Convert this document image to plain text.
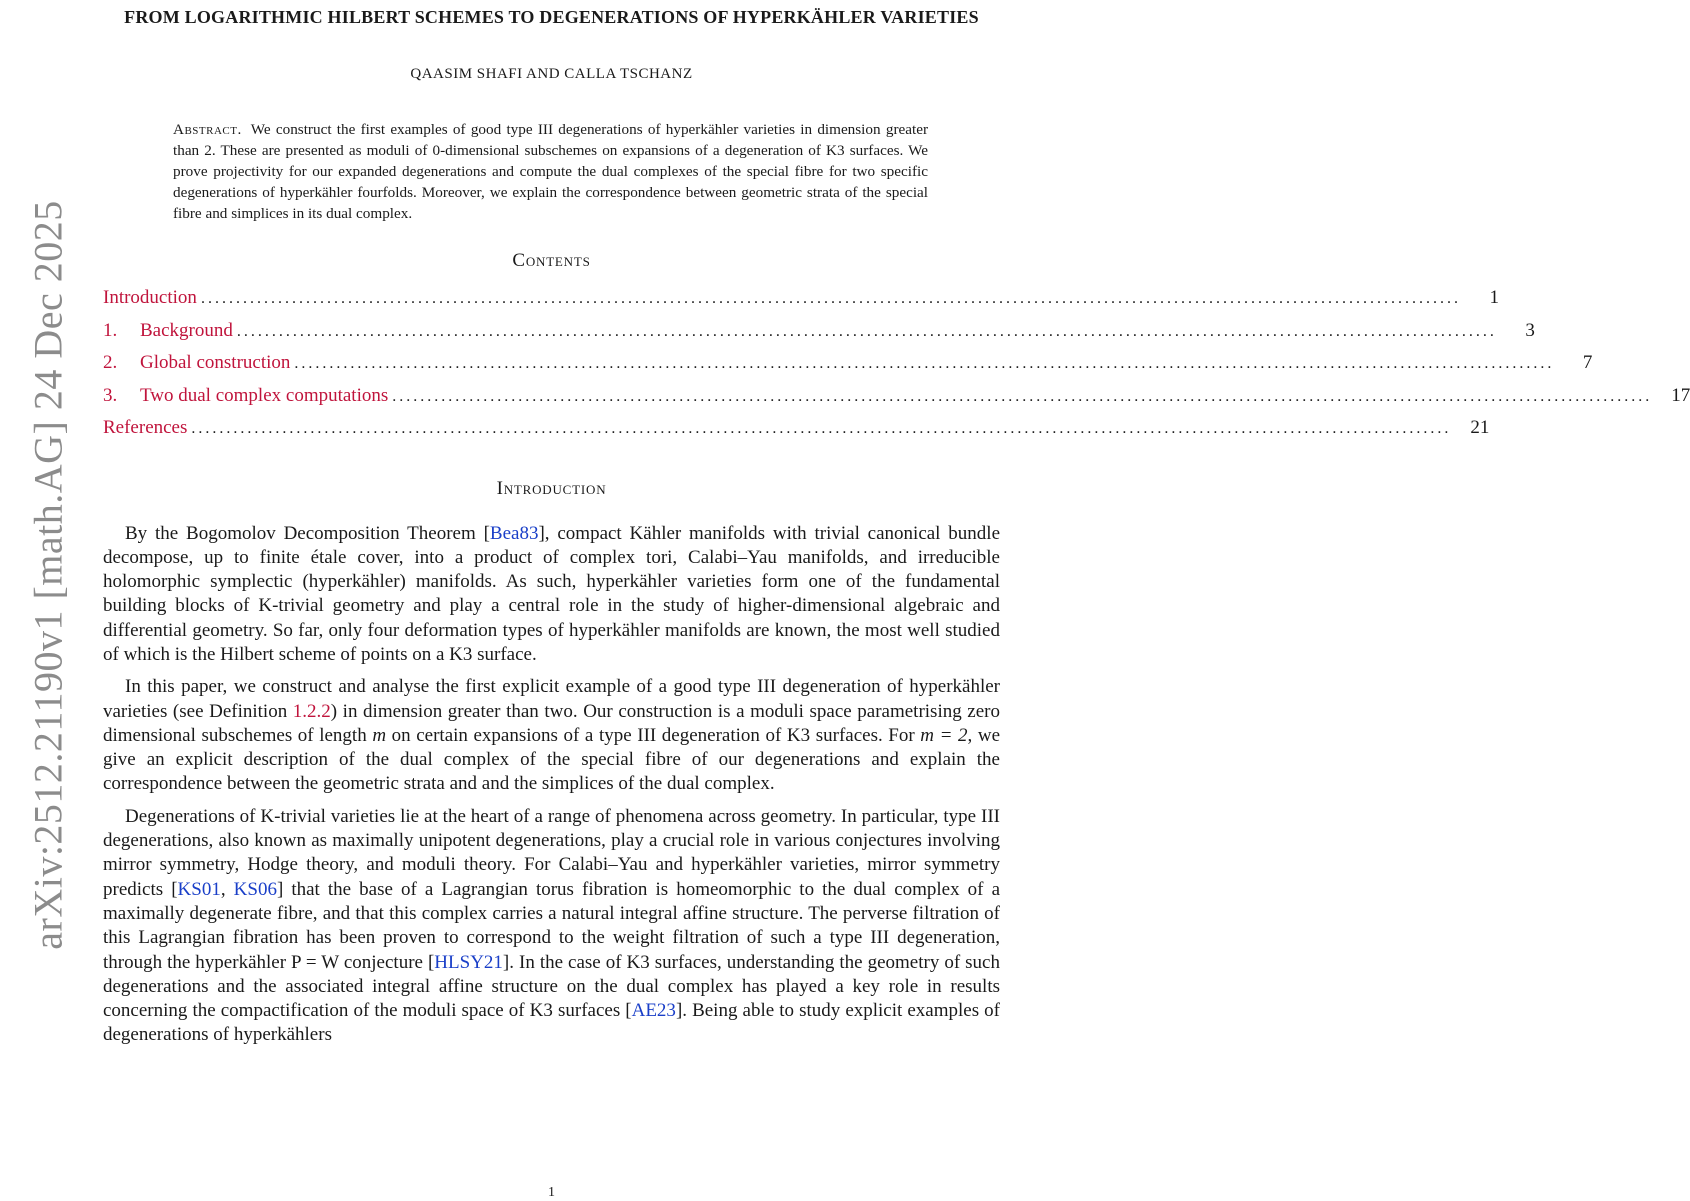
arXiv:2512.21190v1 [math.AG] 24 Dec 2025
FROM LOGARITHMIC HILBERT SCHEMES TO DEGENERATIONS OF HYPERKÄHLER VARIETIES
QAASIM SHAFI AND CALLA TSCHANZ
Abstract. We construct the first examples of good type III degenerations of hyperkähler varieties in dimension greater than 2. These are presented as moduli of 0-dimensional subschemes on expansions of a degeneration of K3 surfaces. We prove projectivity for our expanded degenerations and compute the dual complexes of the special fibre for two specific degenerations of hyperkähler fourfolds. Moreover, we explain the correspondence between geometric strata of the special fibre and simplices in its dual complex.
Contents
Introduction ....................................................................................................................................................................................	1
1.	Background ....................................................................................................................................................................................	3
2.	Global construction ....................................................................................................................................................................................	7
3.	Two dual complex computations ....................................................................................................................................................................................	17
References ....................................................................................................................................................................................	21
Introduction

By the Bogomolov Decomposition Theorem [Bea83], compact Kähler manifolds with trivial canonical bundle decompose, up to finite étale cover, into a product of complex tori, Calabi–Yau manifolds, and irreducible holomorphic symplectic (hyperkähler) manifolds. As such, hyperkähler varieties form one of the fundamental building blocks of K-trivial geometry and play a central role in the study of higher-dimensional algebraic and differential geometry. So far, only four deformation types of hyperkähler manifolds are known, the most well studied of which is the Hilbert scheme of points on a K3 surface.

In this paper, we construct and analyse the first explicit example of a good type III degeneration of hyperkähler varieties (see Definition 1.2.2) in dimension greater than two. Our construction is a moduli space parametrising zero dimensional subschemes of length m on certain expansions of a type III degeneration of K3 surfaces. For m = 2, we give an explicit description of the dual complex of the special fibre of our degenerations and explain the correspondence between the geometric strata and and the simplices of the dual complex.

Degenerations of K-trivial varieties lie at the heart of a range of phenomena across geometry. In particular, type III degenerations, also known as maximally unipotent degenerations, play a crucial role in various conjectures involving mirror symmetry, Hodge theory, and moduli theory. For Calabi–Yau and hyperkähler varieties, mirror symmetry predicts [KS01, KS06] that the base of a Lagrangian torus fibration is homeomorphic to the dual complex of a maximally degenerate fibre, and that this complex carries a natural integral affine structure. The perverse filtration of this Lagrangian fibration has been proven to correspond to the weight filtration of such a type III degeneration, through the hyperkähler P = W conjecture [HLSY21]. In the case of K3 surfaces, understanding the geometry of such degenerations and the associated integral affine structure on the dual complex has played a key role in results concerning the compactification of the moduli space of K3 surfaces [AE23]. Being able to study explicit examples of degenerations of hyperkählers

1
